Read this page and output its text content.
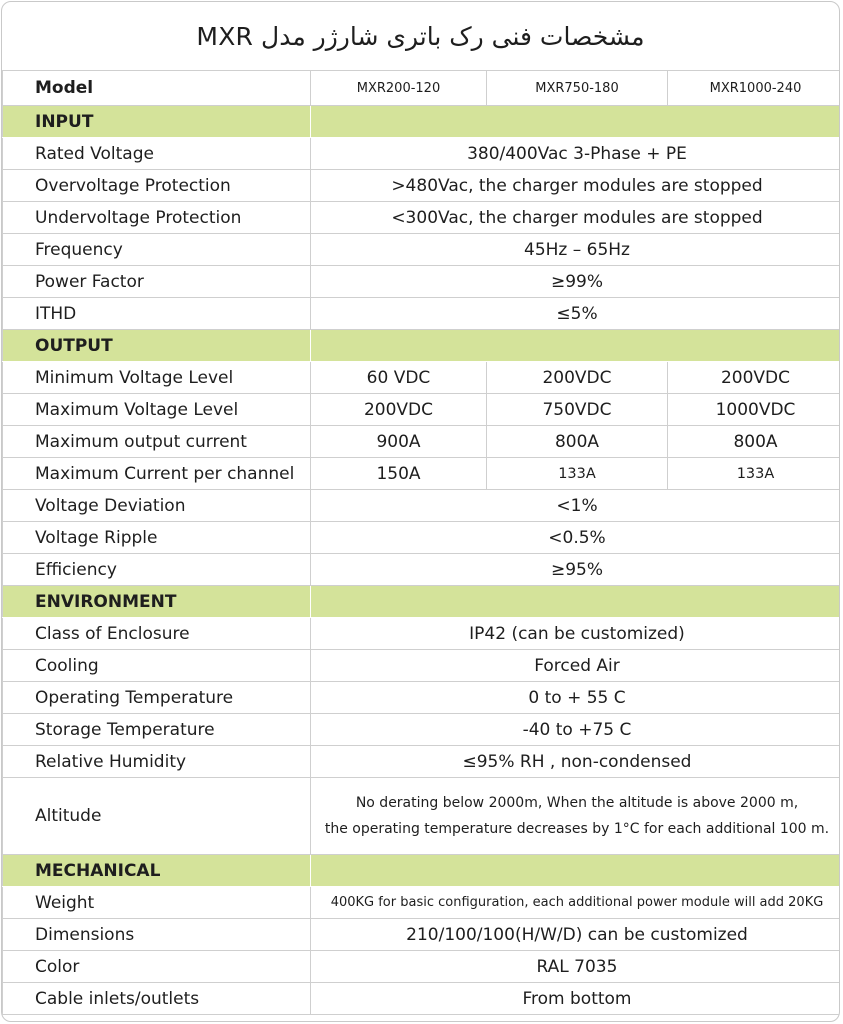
مشخصات فنی رک باتری شارژر مدل MXR
Model	MXR200-120	MXR750-180	MXR1000-240
INPUT			
Rated Voltage	380/400Vac 3-Phase + PE		
Overvoltage Protection	>480Vac, the charger modules are stopped		
Undervoltage Protection	<300Vac, the charger modules are stopped		
Frequency	45Hz – 65Hz		
Power Factor	≥99%		
ITHD	≤5%		
OUTPUT			
Minimum Voltage Level	60 VDC	200VDC	200VDC
Maximum Voltage Level	200VDC	750VDC	1000VDC
Maximum output current	900A	800A	800A
Maximum Current per channel	150A	133A	133A
Voltage Deviation	<1%		
Voltage Ripple	<0.5%		
Efficiency	≥95%		
ENVIRONMENT			
Class of Enclosure	IP42 (can be customized)		
Cooling	Forced Air		
Operating Temperature	0 to + 55 C		
Storage Temperature	-40 to +75 C		
Relative Humidity	≤95% RH , non-condensed		
Altitude	No derating below 2000m, When the altitude is above 2000 m,
the operating temperature decreases by 1°C for each additional 100 m.		

MECHANICAL			
Weight	400KG for basic configuration, each additional power module will add 20KG		
Dimensions	210/100/100(H/W/D) can be customized		
Color	RAL 7035		
Cable inlets/outlets	From bottom		
